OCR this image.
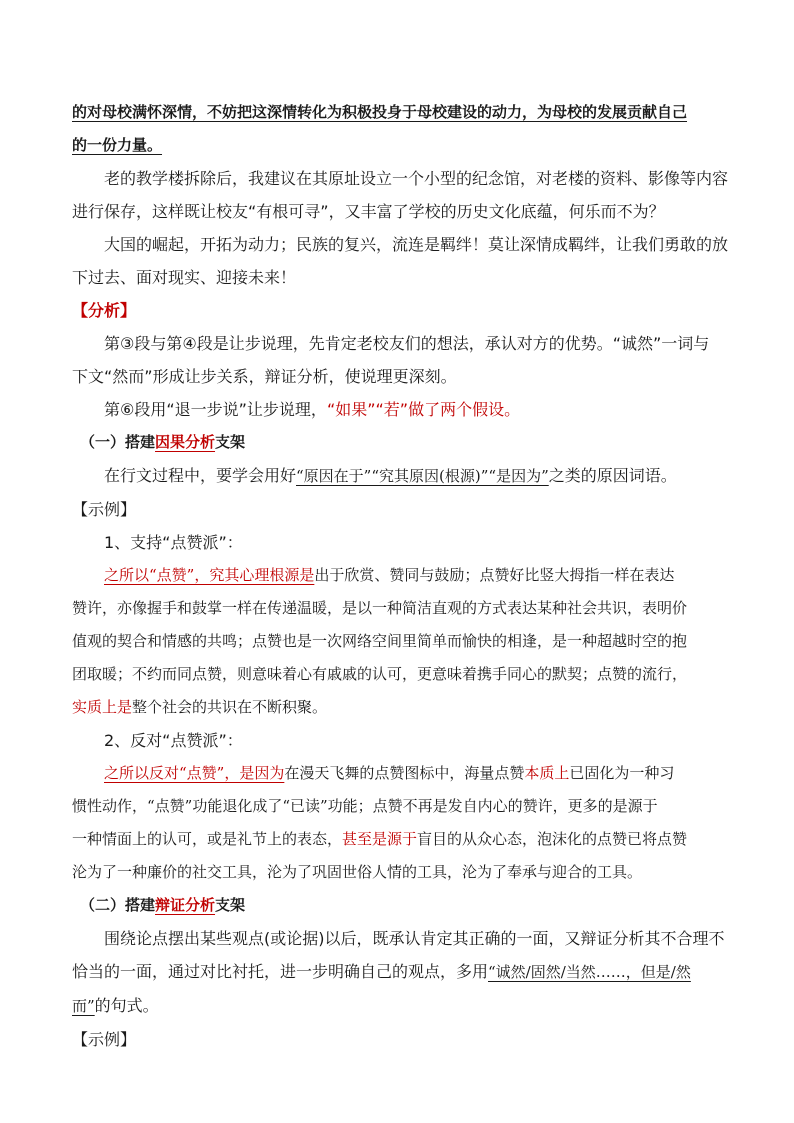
的对母校满怀深情，不妨把这深情转化为积极投身于母校建设的动力，为母校的发展贡献自己
的一份力量。
老的教学楼拆除后，我建议在其原址设立一个小型的纪念馆，对老楼的资料、影像等内容
进行保存，这样既让校友“有根可寻”，又丰富了学校的历史文化底蕴，何乐而不为？
大国的崛起，开拓为动力；民族的复兴，流连是羁绊！莫让深情成羁绊，让我们勇敢的放
下过去、面对现实、迎接未来！
【分析】
第③段与第④段是让步说理，先肯定老校友们的想法，承认对方的优势。“诚然”一词与
下文“然而”形成让步关系，辩证分析，使说理更深刻。
第⑥段用“退一步说”让步说理，“如果”“若”做了两个假设。
（一）搭建因果分析支架
在行文过程中，要学会用好“原因在于”“究其原因(根源)”“是因为”之类的原因词语。
【示例】
1、支持“点赞派”：
之所以“点赞”，究其心理根源是出于欣赏、赞同与鼓励；点赞好比竖大拇指一样在表达
赞许，亦像握手和鼓掌一样在传递温暖，是以一种简洁直观的方式表达某种社会共识，表明价
值观的契合和情感的共鸣；点赞也是一次网络空间里简单而愉快的相逢，是一种超越时空的抱
团取暖；不约而同点赞，则意味着心有戚戚的认可，更意味着携手同心的默契；点赞的流行，
实质上是整个社会的共识在不断积聚。
2、反对“点赞派”：
之所以反对“点赞”，是因为在漫天飞舞的点赞图标中，海量点赞本质上已固化为一种习
惯性动作，“点赞”功能退化成了“已读”功能；点赞不再是发自内心的赞许，更多的是源于
一种情面上的认可，或是礼节上的表态，甚至是源于盲目的从众心态，泡沫化的点赞已将点赞
沦为了一种廉价的社交工具，沦为了巩固世俗人情的工具，沦为了奉承与迎合的工具。
（二）搭建辩证分析支架
围绕论点摆出某些观点(或论据)以后，既承认肯定其正确的一面，又辩证分析其不合理不
恰当的一面，通过对比衬托，进一步明确自己的观点，多用“诚然/固然/当然……，但是/然
而”的句式。
【示例】
